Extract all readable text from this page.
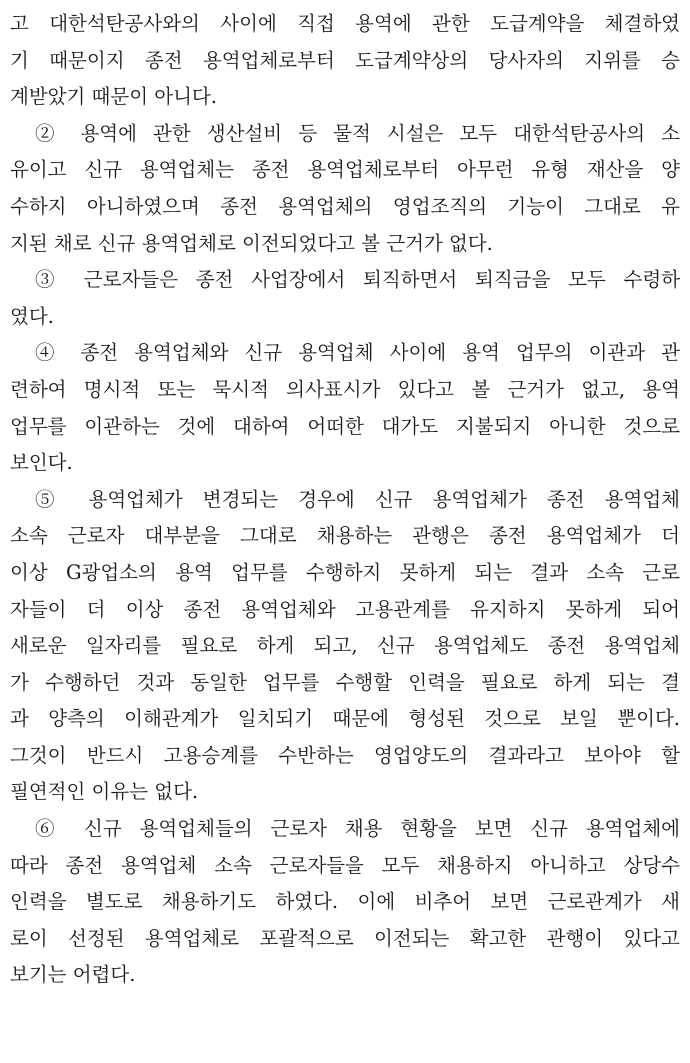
고 대한석탄공사와의 사이에 직접 용역에 관한 도급계약을 체결하였
기 때문이지 종전 용역업체로부터 도급계약상의 당사자의 지위를 승
계받았기 때문이 아니다.
② 용역에 관한 생산설비 등 물적 시설은 모두 대한석탄공사의 소
유이고 신규 용역업체는 종전 용역업체로부터 아무런 유형 재산을 양
수하지 아니하였으며 종전 용역업체의 영업조직의 기능이 그대로 유
지된 채로 신규 용역업체로 이전되었다고 볼 근거가 없다.
③ 근로자들은 종전 사업장에서 퇴직하면서 퇴직금을 모두 수령하
였다.
④ 종전 용역업체와 신규 용역업체 사이에 용역 업무의 이관과 관
련하여 명시적 또는 묵시적 의사표시가 있다고 볼 근거가 없고, 용역
업무를 이관하는 것에 대하여 어떠한 대가도 지불되지 아니한 것으로
보인다.
⑤ 용역업체가 변경되는 경우에 신규 용역업체가 종전 용역업체
소속 근로자 대부분을 그대로 채용하는 관행은 종전 용역업체가 더
이상 G광업소의 용역 업무를 수행하지 못하게 되는 결과 소속 근로
자들이 더 이상 종전 용역업체와 고용관계를 유지하지 못하게 되어
새로운 일자리를 필요로 하게 되고, 신규 용역업체도 종전 용역업체
가 수행하던 것과 동일한 업무를 수행할 인력을 필요로 하게 되는 결
과 양측의 이해관계가 일치되기 때문에 형성된 것으로 보일 뿐이다.
그것이 반드시 고용승계를 수반하는 영업양도의 결과라고 보아야 할
필연적인 이유는 없다.
⑥ 신규 용역업체들의 근로자 채용 현황을 보면 신규 용역업체에
따라 종전 용역업체 소속 근로자들을 모두 채용하지 아니하고 상당수
인력을 별도로 채용하기도 하였다. 이에 비추어 보면 근로관계가 새
로이 선정된 용역업체로 포괄적으로 이전되는 확고한 관행이 있다고
보기는 어렵다.
